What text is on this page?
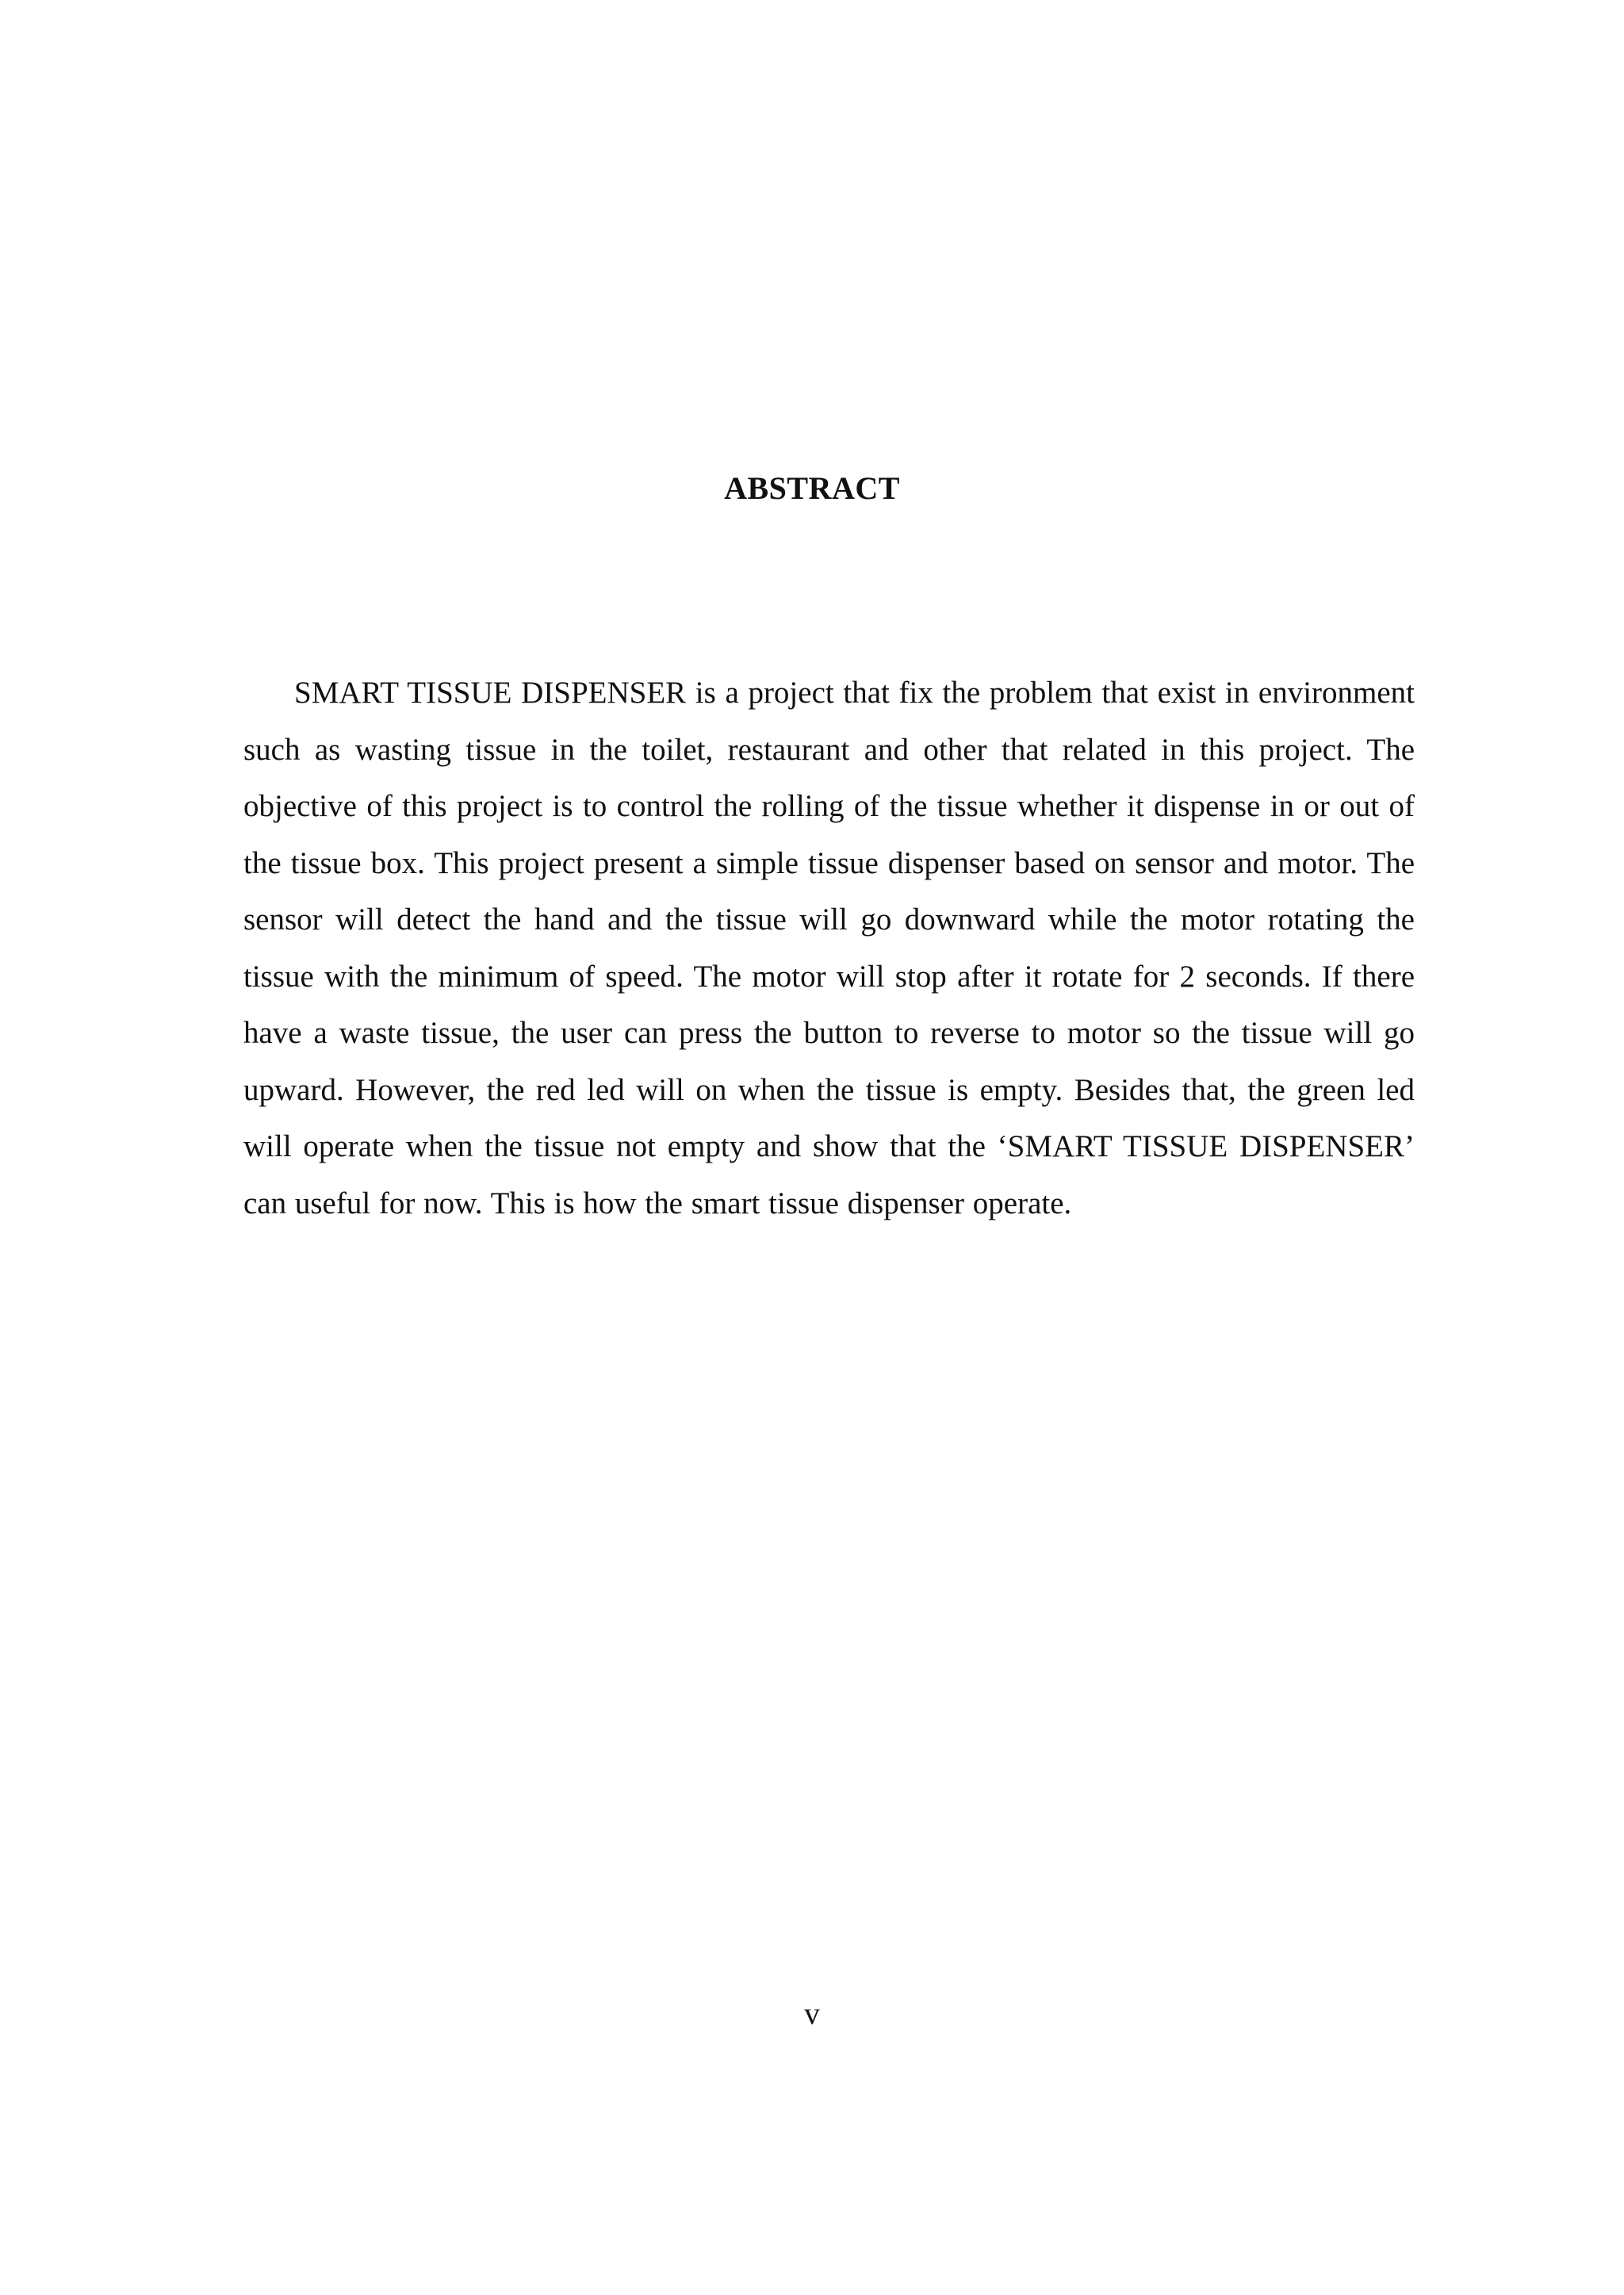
ABSTRACT

SMART TISSUE DISPENSER is a project that fix the problem that exist in environment such as wasting tissue in the toilet, restaurant and other that related in this project. The objective of this project is to control the rolling of the tissue whether it dispense in or out of the tissue box. This project present a simple tissue dispenser based on sensor and motor. The sensor will detect the hand and the tissue will go downward while the motor rotating the tissue with the minimum of speed. The motor will stop after it rotate for 2 seconds. If there have a waste tissue, the user can press the button to reverse to motor so the tissue will go upward. However, the red led will on when the tissue is empty. Besides that, the green led will operate when the tissue not empty and show that the ‘SMART TISSUE DISPENSER’ can useful for now. This is how the smart tissue dispenser operate.

v
